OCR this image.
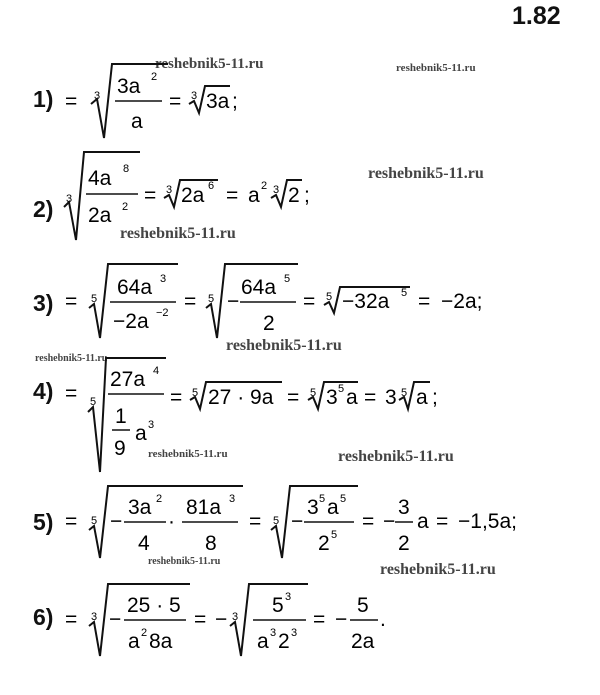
1.82
reshebnik5-11.ru	reshebnik5-11.ru
reshebnik5-11.ru
reshebnik5-11.ru
reshebnik5-11.ru
reshebnik5-11.ru
reshebnik5-11.ru	reshebnik5-11.ru
reshebnik5-11.ru	reshebnik5-11.ru
1) = 3 3a 2
a
= 3 3a ;
2) 3
4a 8
2a 2 = 3 2a 6 = a 2 3 2 ;
3) = 5 64a 3
−2a −2 = 5 −
64a 5
2
= 5 −32a 5 = −2a;
4) = 5
27a 4
1
9
a 3
= 5 27 · 9a = 5 3 5 a = 3 5 a ;
5) = 5 −
3a 2
4
·
81a 3
8
= 5 −
3 5 a 5
2 5
= −
3
2
a = −1,5a;
6) = 3 −
25 · 5
a 2 8a
= − 3 5 3
a 3 2 3
= −
5
2a
.
